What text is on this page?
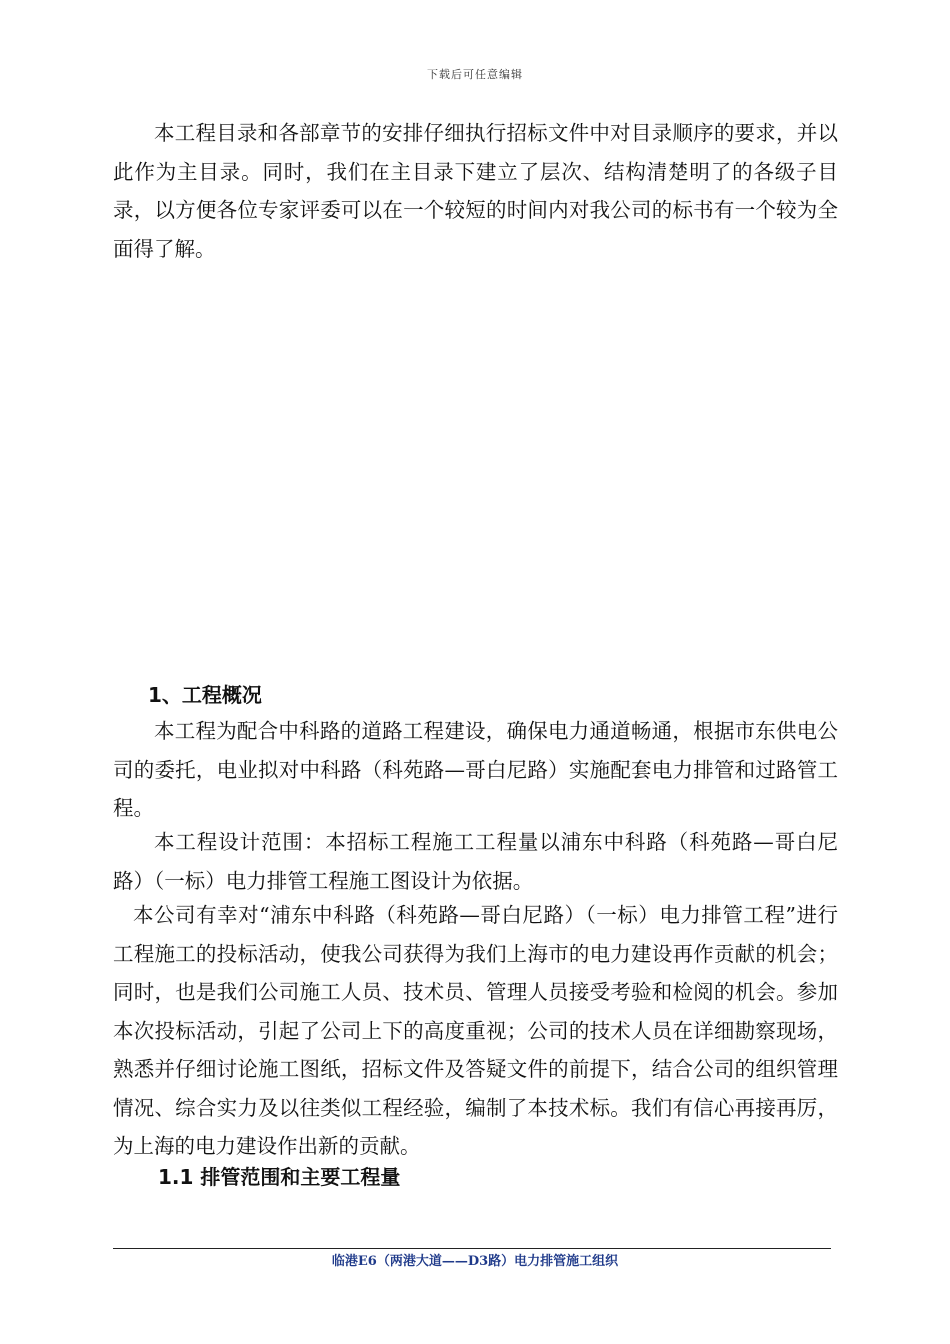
下载后可任意编辑

本工程目录和各部章节的安排仔细执行招标文件中对目录顺序的要求，并以此作为主目录。同时，我们在主目录下建立了层次、结构清楚明了的各级子目录，以方便各位专家评委可以在一个较短的时间内对我公司的标书有一个较为全面得了解。

1、工程概况

本工程为配合中科路的道路工程建设，确保电力通道畅通，根据市东供电公司的委托，电业拟对中科路（科苑路—哥白尼路）实施配套电力排管和过路管工程。

本工程设计范围：本招标工程施工工程量以浦东中科路（科苑路—哥白尼路）（一标）电力排管工程施工图设计为依据。

本公司有幸对“浦东中科路（科苑路—哥白尼路）（一标）电力排管工程”进行工程施工的投标活动，使我公司获得为我们上海市的电力建设再作贡献的机会；同时，也是我们公司施工人员、技术员、管理人员接受考验和检阅的机会。参加本次投标活动，引起了公司上下的高度重视；公司的技术人员在详细勘察现场，熟悉并仔细讨论施工图纸，招标文件及答疑文件的前提下，结合公司的组织管理情况、综合实力及以往类似工程经验，编制了本技术标。我们有信心再接再厉，为上海的电力建设作出新的贡献。

1.1 排管范围和主要工程量
临港E6（两港大道——D3路）电力排管施工组织
